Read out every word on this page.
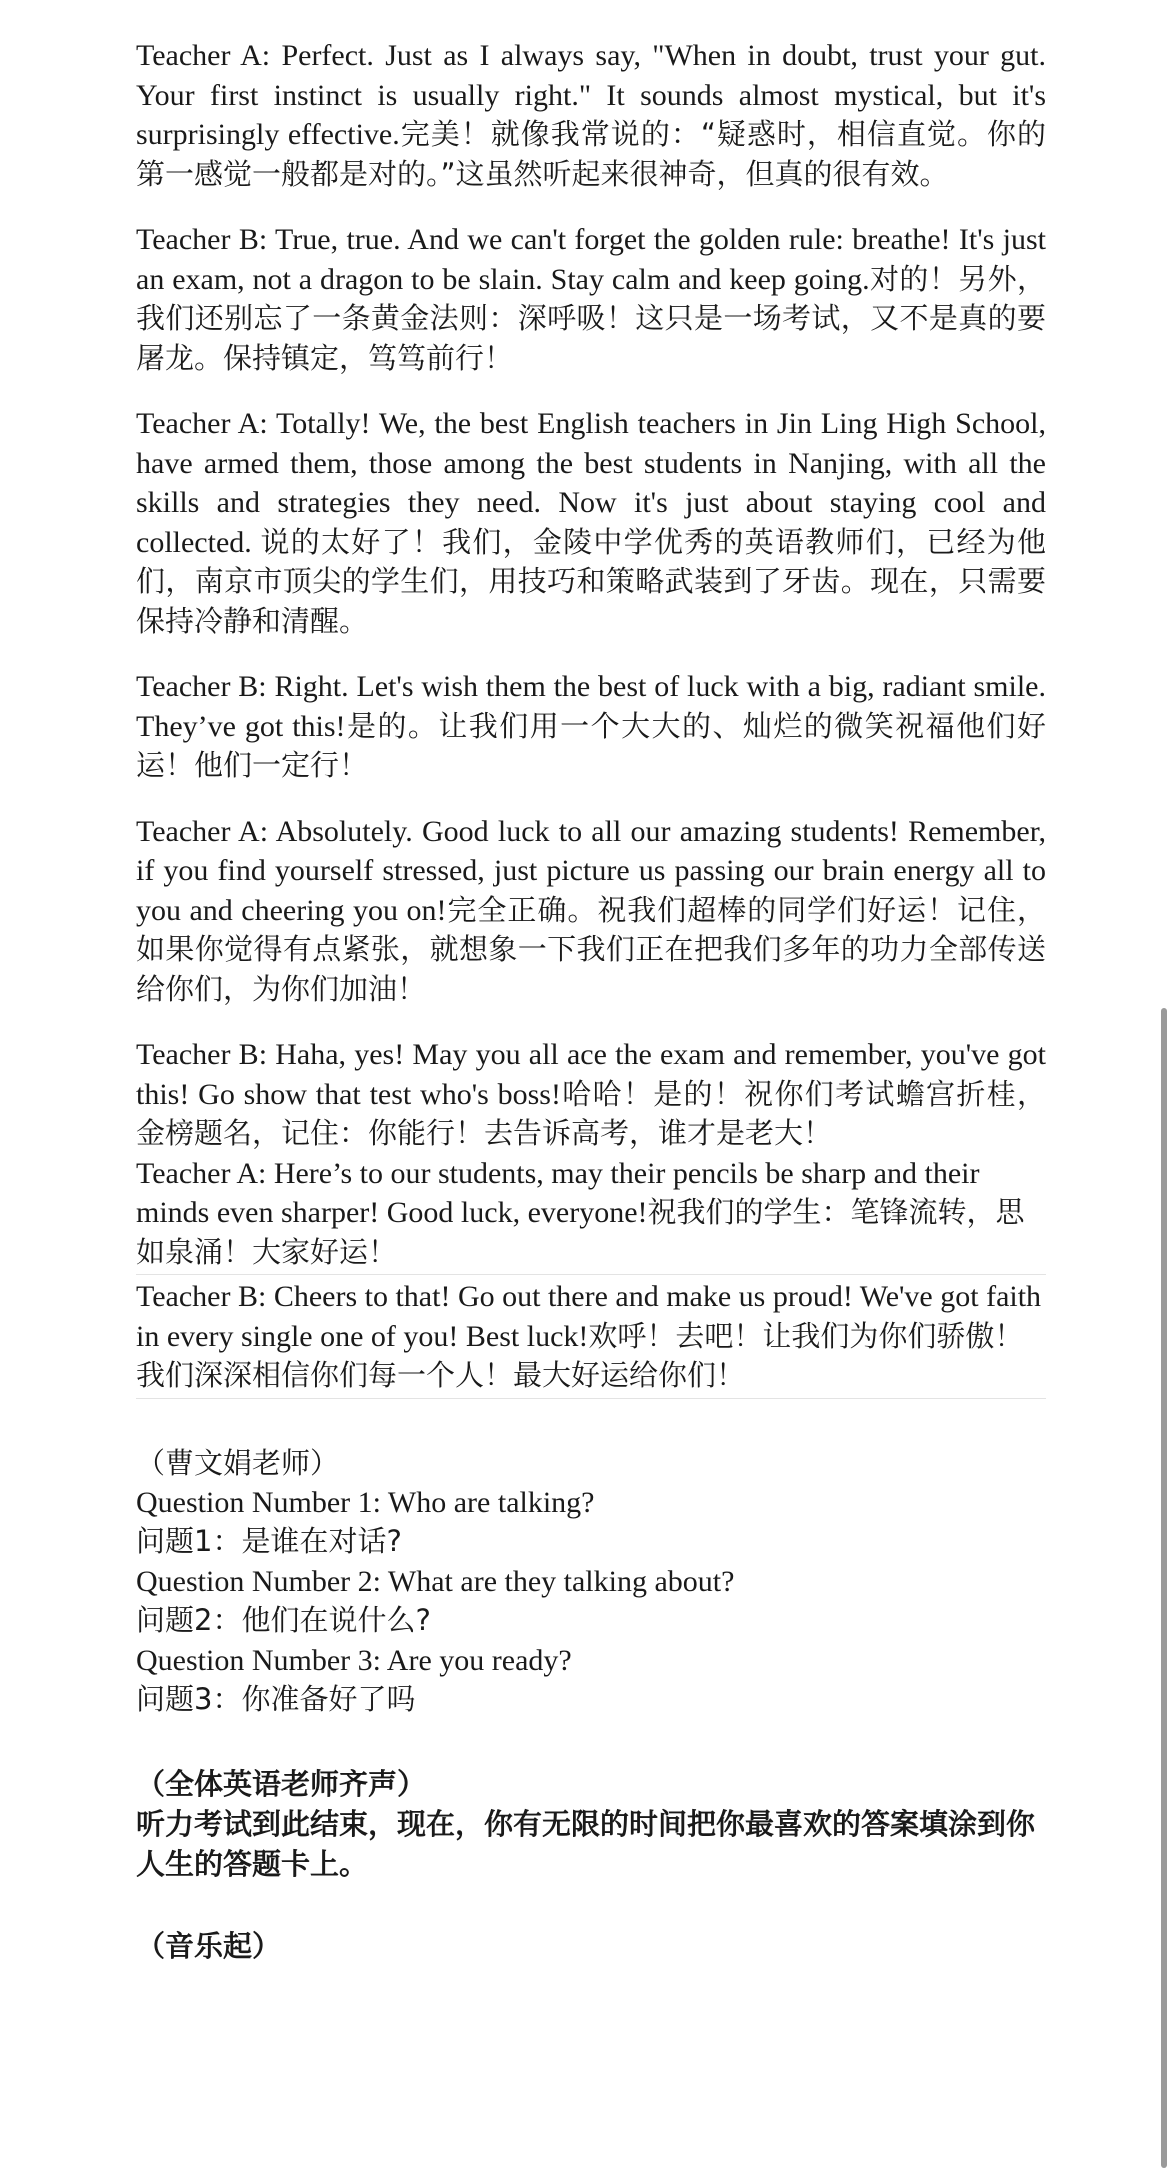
Teacher A: Perfect. Just as I always say, "When in doubt, trust your gut. Your first instinct is usually right." It sounds almost mystical, but it's surprisingly effective.完美！就像我常说的：“疑惑时，相信直觉。你的第一感觉一般都是对的。”这虽然听起来很神奇，但真的很有效。

Teacher B: True, true. And we can't forget the golden rule: breathe! It's just an exam, not a dragon to be slain. Stay calm and keep going.对的！另外，我们还别忘了一条黄金法则：深呼吸！这只是一场考试，又不是真的要屠龙。保持镇定，笃笃前行！

Teacher A: Totally! We, the best English teachers in Jin Ling High School, have armed them, those among the best students in Nanjing, with all the skills and strategies they need. Now it's just about staying cool and collected. 说的太好了！我们，金陵中学优秀的英语教师们，已经为他们，南京市顶尖的学生们，用技巧和策略武装到了牙齿。现在，只需要保持冷静和清醒。

Teacher B: Right. Let's wish them the best of luck with a big, radiant smile. They’ve got this!是的。让我们用一个大大的、灿烂的微笑祝福他们好运！他们一定行！

Teacher A: Absolutely. Good luck to all our amazing students! Remember, if you find yourself stressed, just picture us passing our brain energy all to you and cheering you on!完全正确。祝我们超棒的同学们好运！记住，如果你觉得有点紧张，就想象一下我们正在把我们多年的功力全部传送给你们，为你们加油！

Teacher B: Haha, yes! May you all ace the exam and remember, you've got this! Go show that test who's boss!哈哈！是的！祝你们考试蟾宫折桂，金榜题名，记住：你能行！去告诉高考，谁才是老大！

Teacher A: Here’s to our students, may their pencils be sharp and their minds even sharper! Good luck, everyone!祝我们的学生：笔锋流转，思如泉涌！大家好运！

Teacher B: Cheers to that! Go out there and make us proud! We've got faith in every single one of you! Best luck!欢呼！去吧！让我们为你们骄傲！我们深深相信你们每一个人！最大好运给你们！

（曹文娟老师）

Question Number 1: Who are talking?

问题1：是谁在对话?

Question Number 2: What are they talking about?

问题2：他们在说什么?

Question Number 3: Are you ready?

问题3：你准备好了吗

（全体英语老师齐声）

听力考试到此结束，现在，你有无限的时间把你最喜欢的答案填涂到你人生的答题卡上。

（音乐起）
